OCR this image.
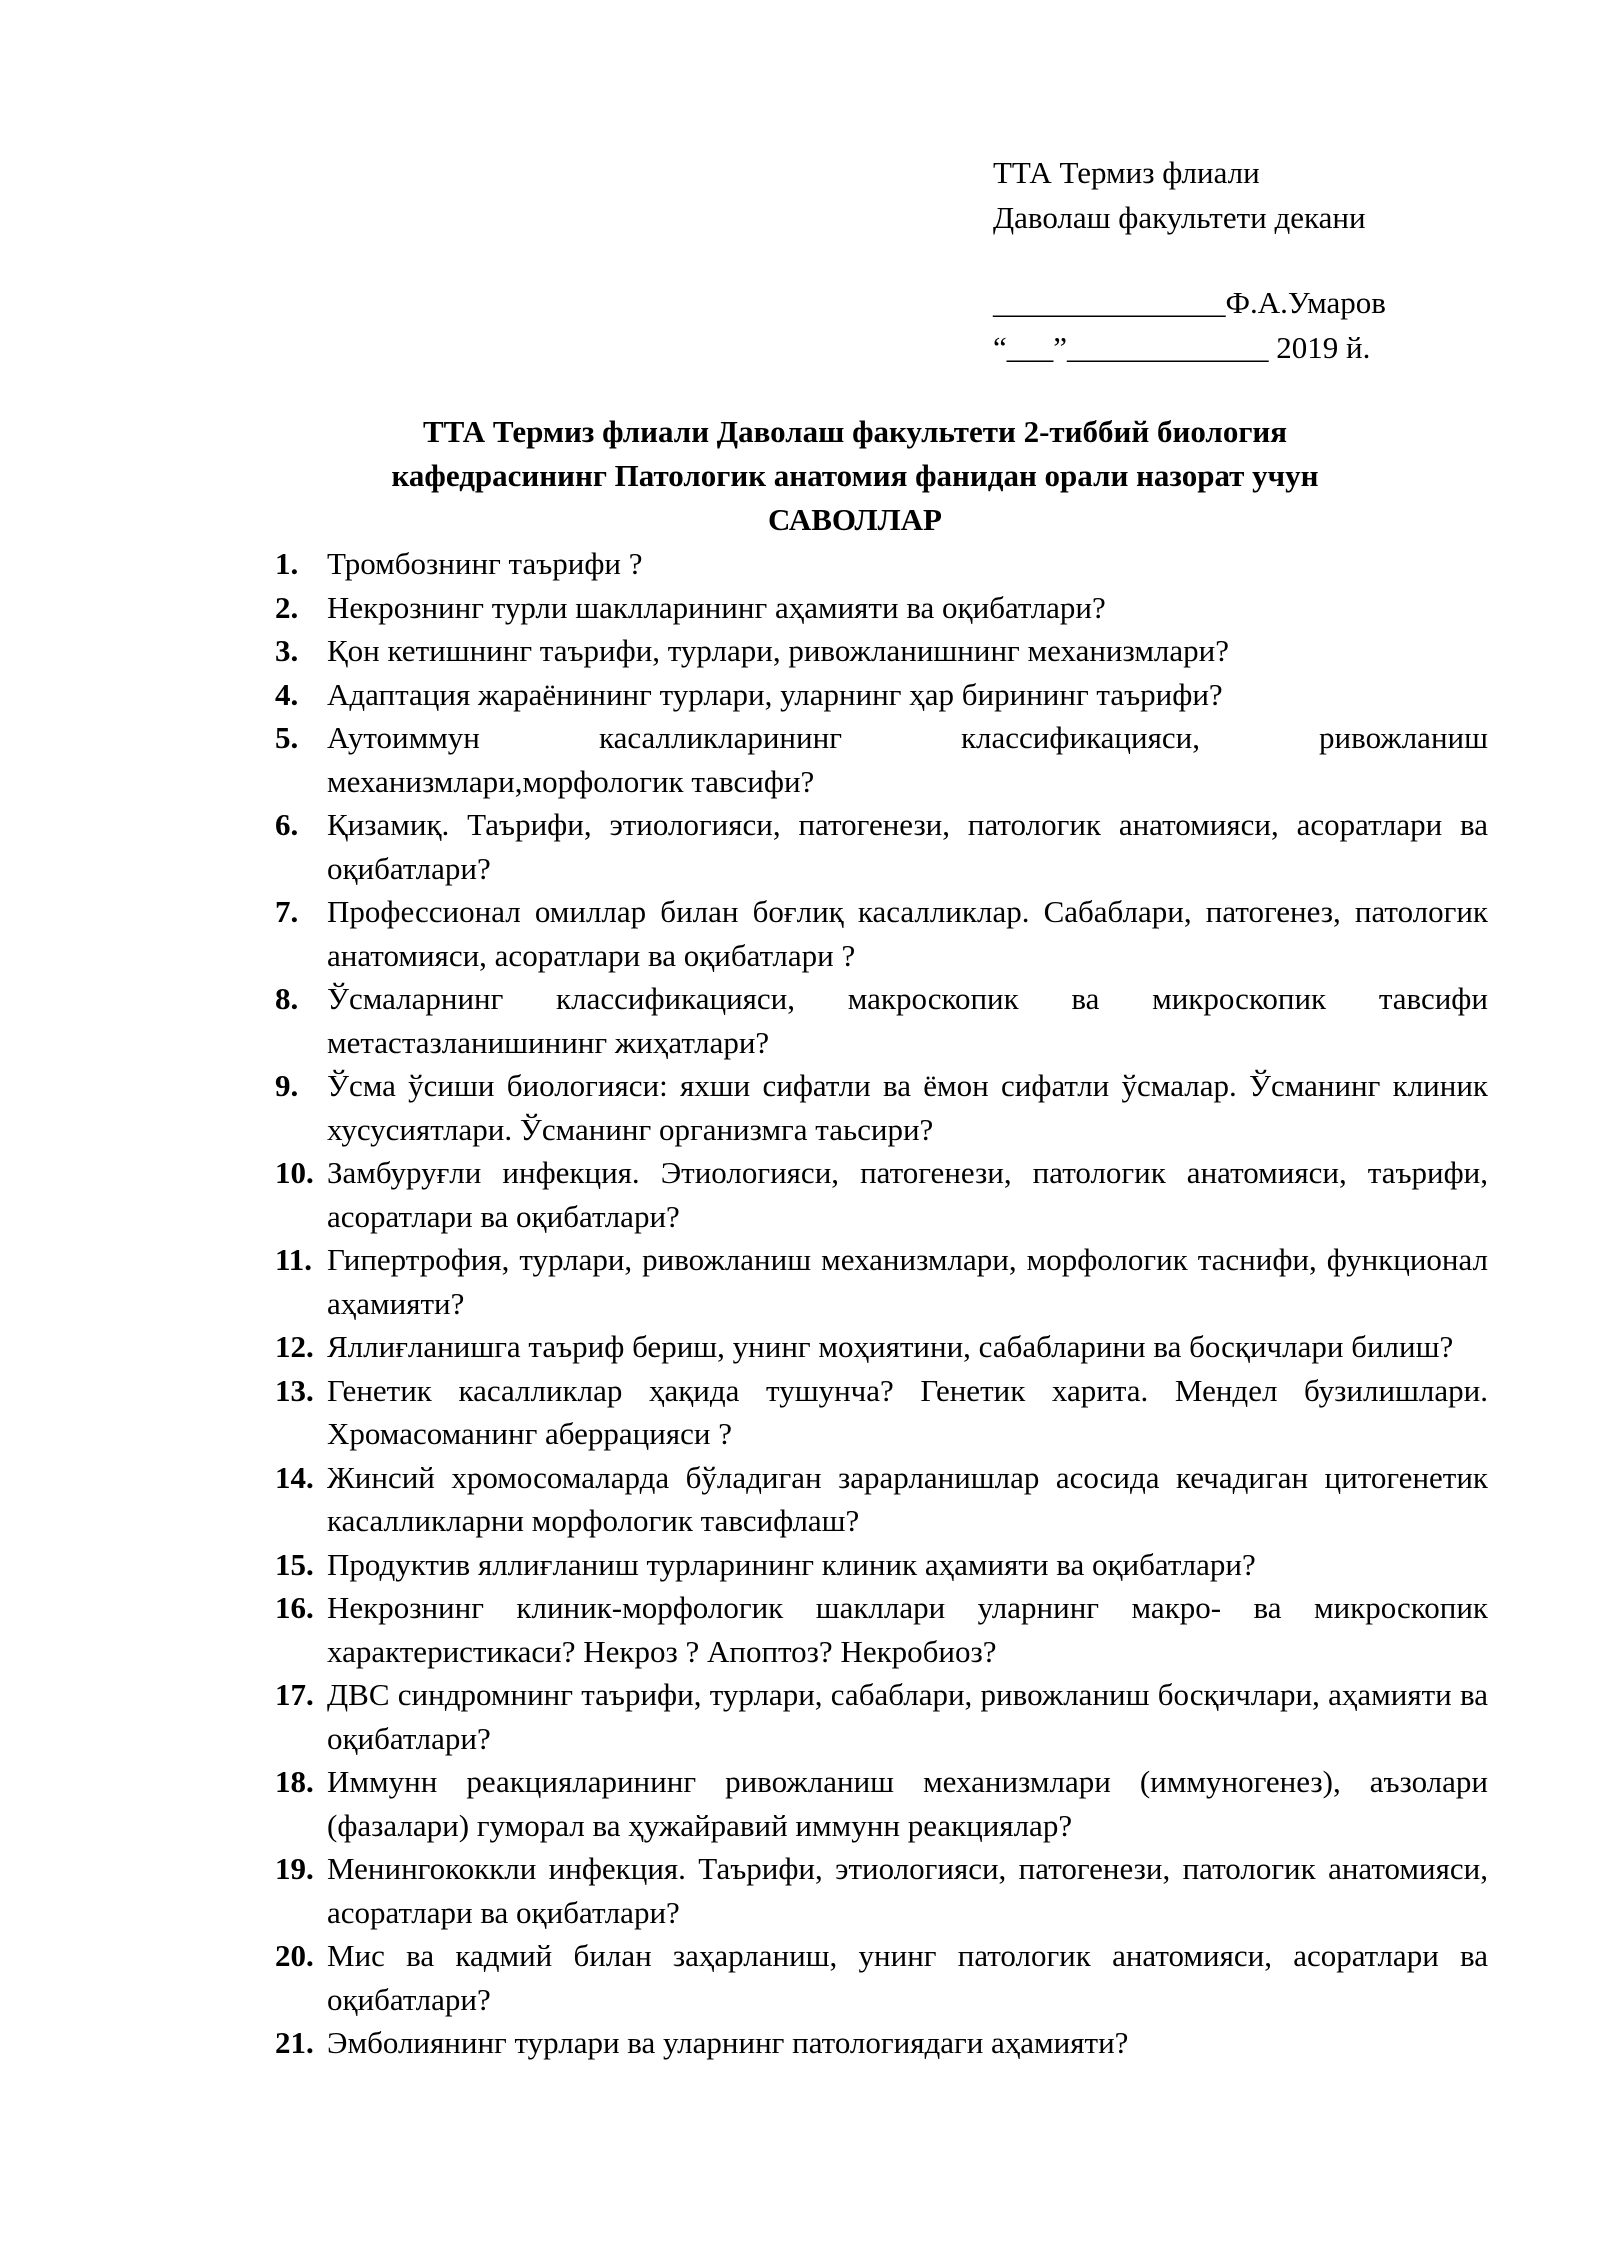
ТТА Термиз флиали
Даволаш факультети декани
_______________Ф.А.Умаров
“___”_____________ 2019 й.
ТТА Термиз флиали Даволаш факультети 2-тиббий биология
кафедрасининг Патологик анатомия фанидан орали назорат учун
САВОЛЛАР
1. Тромбознинг таърифи ?
2. Некрознинг турли шаклларининг аҳамияти ва оқибатлари?
3. Қон кетишнинг таърифи, турлари, ривожланишнинг механизмлари?
4. Адаптация жараёнининг турлари, уларнинг ҳар бирининг таърифи?
5. Аутоиммун касалликларининг классификацияси, ривожланиш механизмлари,морфологик тавсифи?
6. Қизамиқ. Таърифи, этиологияси, патогенези, патологик анатомияси, асоратлари ва оқибатлари?
7. Профессионал омиллар билан боғлиқ касалликлар. Сабаблари, патогенез, патологик анатомияси, асоратлари ва оқибатлари ?
8. Ўсмаларнинг классификацияси, макроскопик ва микроскопик тавсифи метастазланишининг жиҳатлари?
9. Ўсма ўсиши биологияси: яхши сифатли ва ёмон сифатли ўсмалар. Ўсманинг клиник хусусиятлари. Ўсманинг организмга таьсири?
10. Замбуруғли инфекция. Этиологияси, патогенези, патологик анатомияси, таърифи, асоратлари ва оқибатлари?
11. Гипертрофия, турлари, ривожланиш механизмлари, морфологик таснифи, функционал аҳамияти?
12. Яллиғланишга таъриф бериш, унинг моҳиятини, сабабларини ва босқичлари билиш?
13. Генетик касалликлар ҳақида тушунча? Генетик харита. Мендел бузилишлари. Хромасоманинг аберрацияси ?
14. Жинсий хромосомаларда бўладиган зарарланишлар асосида кечадиган цитогенетик касалликларни морфологик тавсифлаш?
15. Продуктив яллиғланиш турларининг клиник аҳамияти ва оқибатлари?
16. Некрознинг клиник-морфологик шакллари уларнинг макро- ва микроскопик характеристикаси? Некроз ? Апоптоз? Некробиоз?
17. ДВС синдромнинг таърифи, турлари, сабаблари, ривожланиш босқичлари, аҳамияти ва оқибатлари?
18. Иммунн реакцияларининг ривожланиш механизмлари (иммуногенез), аъзолари (фазалари) гуморал ва ҳужайравий иммунн реакциялар?
19. Менингококкли инфекция. Таърифи, этиологияси, патогенези, патологик анатомияси, асоратлари ва оқибатлари?
20. Мис ва кадмий билан заҳарланиш, унинг патологик анатомияси, асоратлари ва оқибатлари?
21. Эмболиянинг турлари ва уларнинг патологиядаги аҳамияти?
